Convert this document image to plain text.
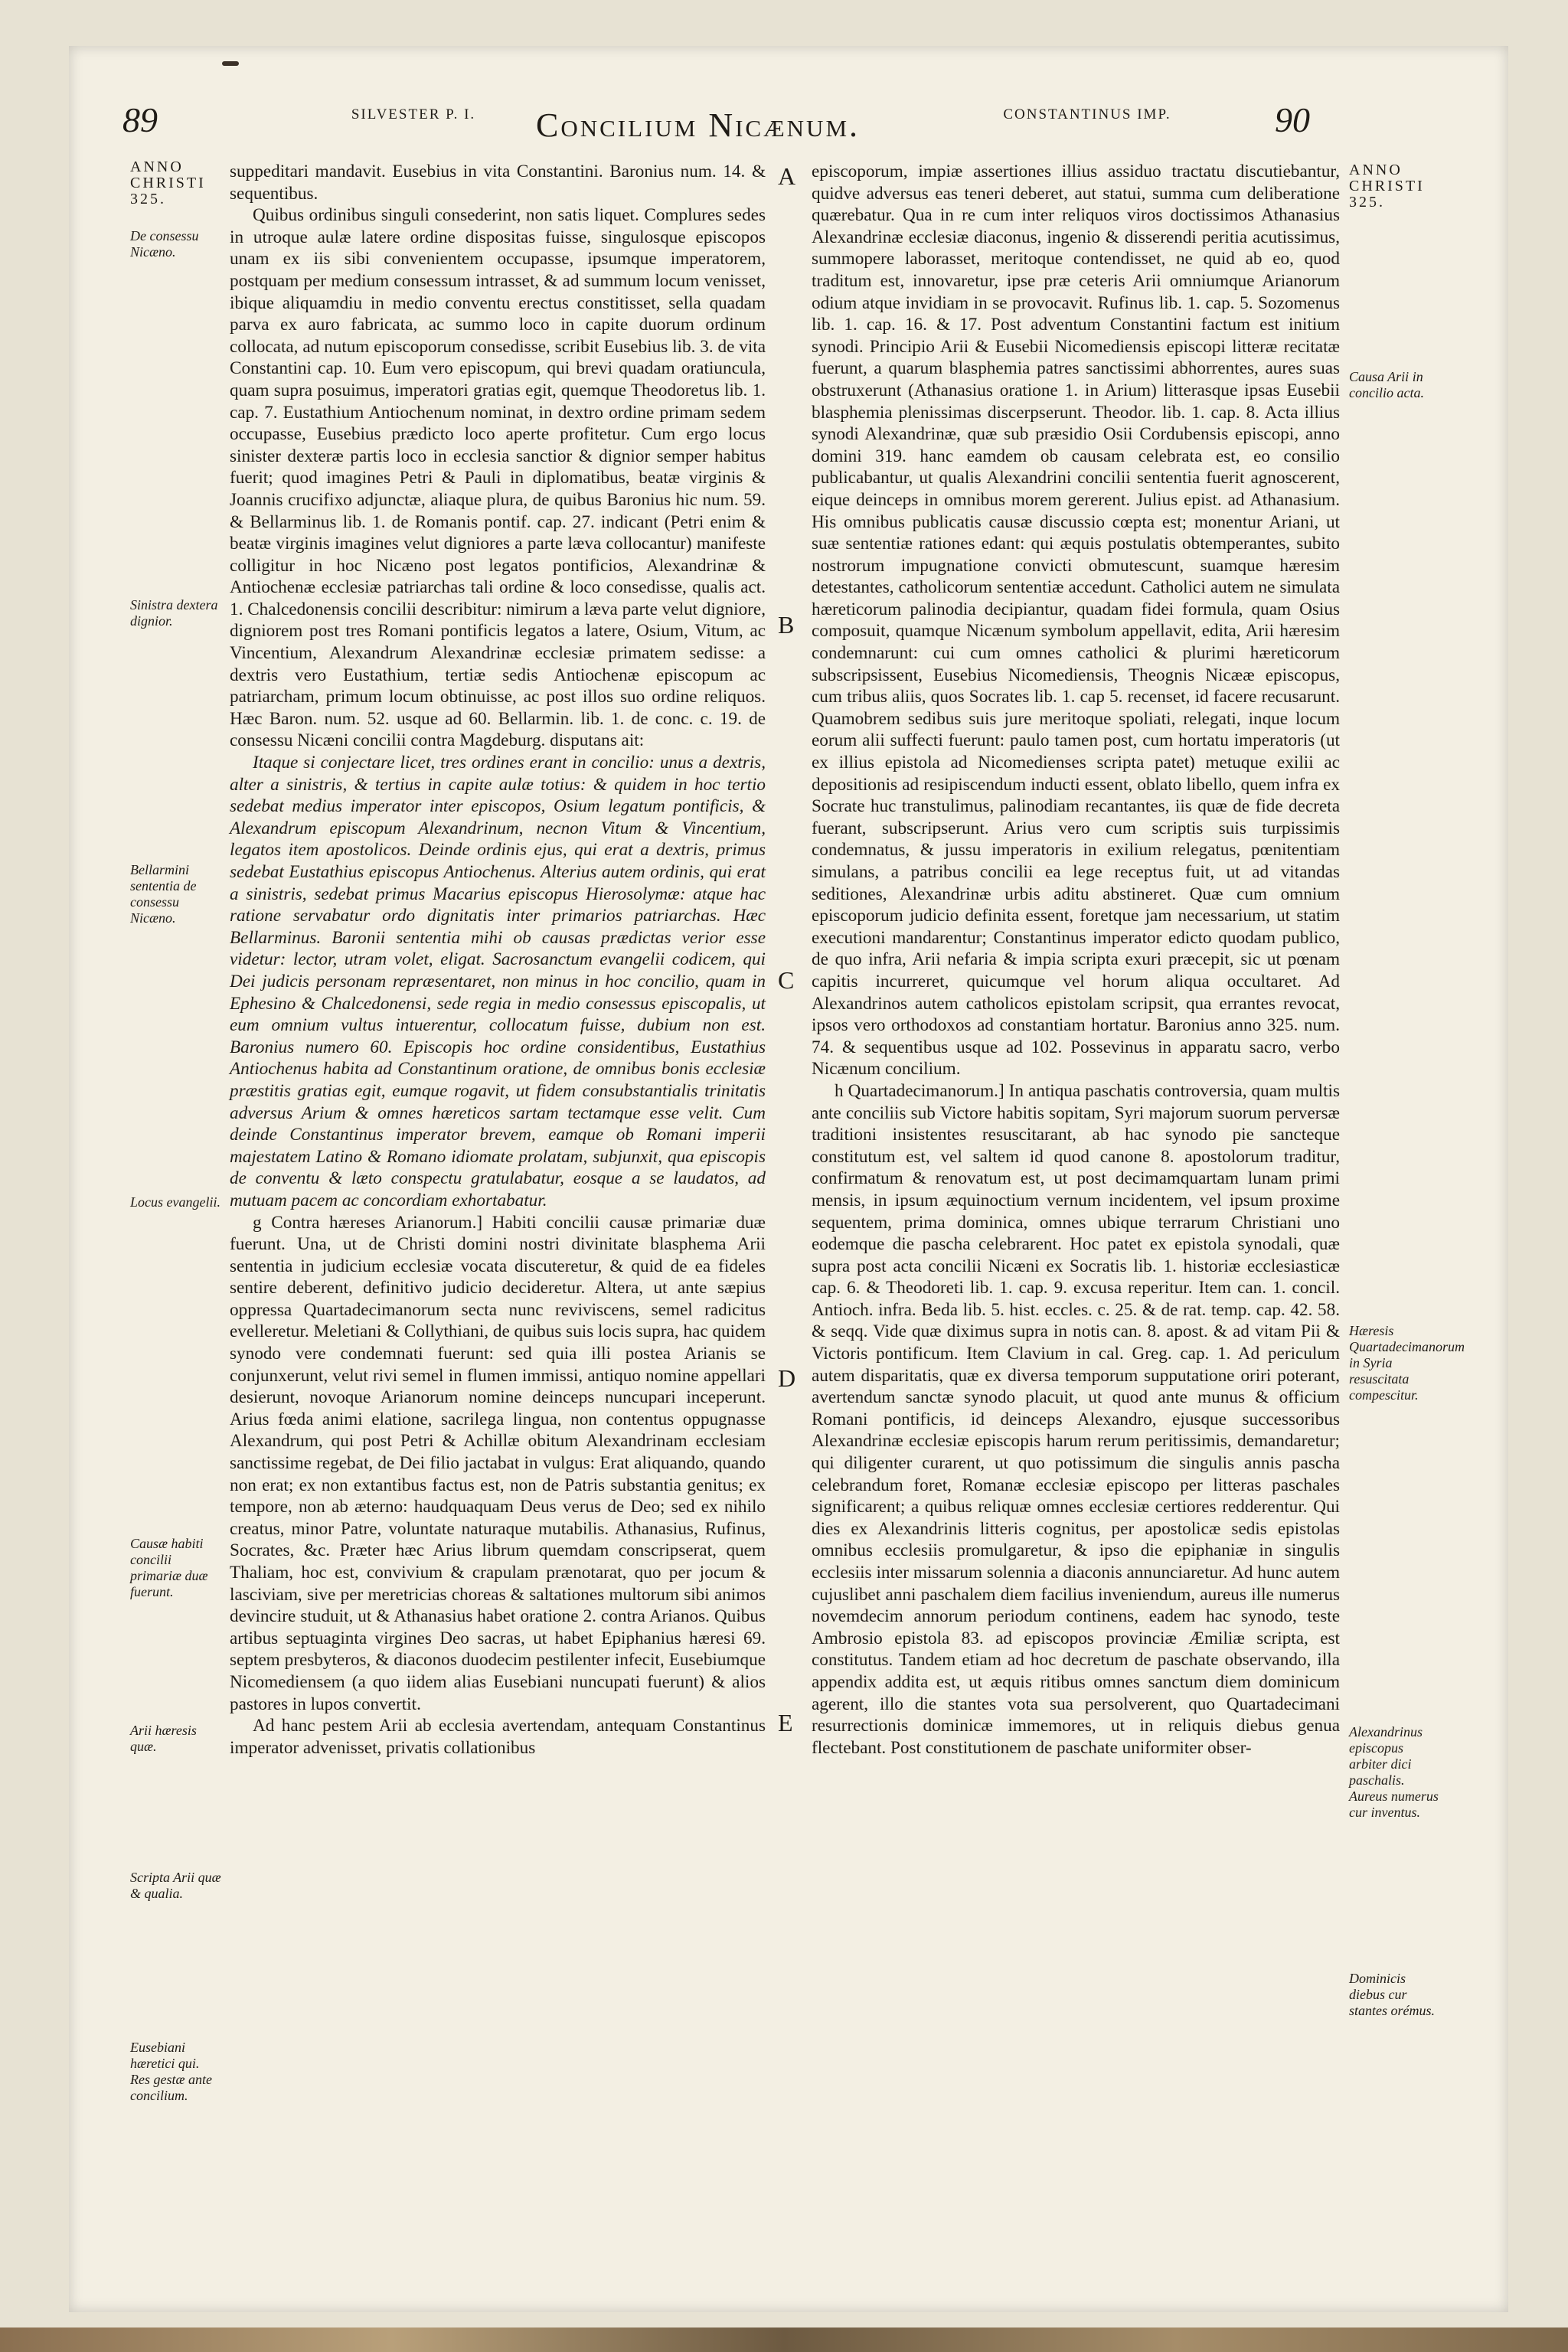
89	SILVESTER P. I.	Concilium Nicænum.	CONSTANTINUS IMP.	90
ANNO CHRISTI 325.
ANNO CHRISTI 325.
De consessu Nicæno.
Sinistra dextera dignior.
Bellarmini sententia de consessu Nicæno.
Locus evangelii.
Causæ habiti concilii primariæ duæ fuerunt.
Arii hæresis quæ.
Scripta Arii quæ & qualia.
Eusebiani hæretici qui. Res gestæ ante concilium.
Causa Arii in concilio acta.
Hæresis Quartadecimanorum in Syria resuscitata compescitur.
Alexandrinus episcopus arbiter dici paschalis. Aureus numerus cur inventus.
Dominicis diebus cur stantes orémus.
A
B
C
D
E

suppeditari mandavit. Eusebius in vita Constantini. Baronius num. 14. & sequentibus.

Quibus ordinibus singuli consederint, non satis liquet. Complures sedes in utroque aulæ latere ordine dispositas fuisse, singulosque episcopos unam ex iis sibi convenientem occupasse, ipsumque imperatorem, postquam per medium consessum intrasset, & ad summum locum venisset, ibique aliquamdiu in medio conventu erectus constitisset, sella quadam parva ex auro fabricata, ac summo loco in capite duorum ordinum collocata, ad nutum episcoporum consedisse, scribit Eusebius lib. 3. de vita Constantini cap. 10. Eum vero episcopum, qui brevi quadam oratiuncula, quam supra posuimus, imperatori gratias egit, quemque Theodoretus lib. 1. cap. 7. Eustathium Antiochenum nominat, in dextro ordine primam sedem occupasse, Eusebius prædicto loco aperte profitetur. Cum ergo locus sinister dexteræ partis loco in ecclesia sanctior & dignior semper habitus fuerit; quod imagines Petri & Pauli in diplomatibus, beatæ virginis & Joannis crucifixo adjunctæ, aliaque plura, de quibus Baronius hic num. 59. & Bellarminus lib. 1. de Romanis pontif. cap. 27. indicant (Petri enim & beatæ virginis imagines velut digniores a parte læva collocantur) manifeste colligitur in hoc Nicæno post legatos pontificios, Alexandrinæ & Antiochenæ ecclesiæ patriarchas tali ordine & loco consedisse, qualis act. 1. Chalcedonensis concilii describitur: nimirum a læva parte velut digniore, digniorem post tres Romani pontificis legatos a latere, Osium, Vitum, ac Vincentium, Alexandrum Alexandrinæ ecclesiæ primatem sedisse: a dextris vero Eustathium, tertiæ sedis Antiochenæ episcopum ac patriarcham, primum locum obtinuisse, ac post illos suo ordine reliquos. Hæc Baron. num. 52. usque ad 60. Bellarmin. lib. 1. de conc. c. 19. de consessu Nicæni concilii contra Magdeburg. disputans ait:

Itaque si conjectare licet, tres ordines erant in concilio: unus a dextris, alter a sinistris, & tertius in capite aulæ totius: & quidem in hoc tertio sedebat medius imperator inter episcopos, Osium legatum pontificis, & Alexandrum episcopum Alexandrinum, necnon Vitum & Vincentium, legatos item apostolicos. Deinde ordinis ejus, qui erat a dextris, primus sedebat Eustathius episcopus Antiochenus. Alterius autem ordinis, qui erat a sinistris, sedebat primus Macarius episcopus Hierosolymæ: atque hac ratione servabatur ordo dignitatis inter primarios patriarchas. Hæc Bellarminus. Baronii sententia mihi ob causas prædictas verior esse videtur: lector, utram volet, eligat. Sacrosanctum evangelii codicem, qui Dei judicis personam repræsentaret, non minus in hoc concilio, quam in Ephesino & Chalcedonensi, sede regia in medio consessus episcopalis, ut eum omnium vultus intuerentur, collocatum fuisse, dubium non est. Baronius numero 60. Episcopis hoc ordine considentibus, Eustathius Antiochenus habita ad Constantinum oratione, de omnibus bonis ecclesiæ præstitis gratias egit, eumque rogavit, ut fidem consubstantialis trinitatis adversus Arium & omnes hæreticos sartam tectamque esse velit. Cum deinde Constantinus imperator brevem, eamque ob Romani imperii majestatem Latino & Romano idiomate prolatam, subjunxit, qua episcopis de conventu & læto conspectu gratulabatur, eosque a se laudatos, ad mutuam pacem ac concordiam exhortabatur.

g Contra hæreses Arianorum.] Habiti concilii causæ primariæ duæ fuerunt. Una, ut de Christi domini nostri divinitate blasphema Arii sententia in judicium ecclesiæ vocata discuteretur, & quid de ea fideles sentire deberent, definitivo judicio decideretur. Altera, ut ante sæpius oppressa Quartadecimanorum secta nunc reviviscens, semel radicitus evelleretur. Meletiani & Collythiani, de quibus suis locis supra, hac quidem synodo vere condemnati fuerunt: sed quia illi postea Arianis se conjunxerunt, velut rivi semel in flumen immissi, antiquo nomine appellari desierunt, novoque Arianorum nomine deinceps nuncupari inceperunt. Arius fœda animi elatione, sacrilega lingua, non contentus oppugnasse Alexandrum, qui post Petri & Achillæ obitum Alexandrinam ecclesiam sanctissime regebat, de Dei filio jactabat in vulgus: Erat aliquando, quando non erat; ex non extantibus factus est, non de Patris substantia genitus; ex tempore, non ab æterno: haudquaquam Deus verus de Deo; sed ex nihilo creatus, minor Patre, voluntate naturaque mutabilis. Athanasius, Rufinus, Socrates, &c. Præter hæc Arius librum quemdam conscripserat, quem Thaliam, hoc est, convivium & crapulam prænotarat, quo per jocum & lasciviam, sive per meretricias choreas & saltationes multorum sibi animos devincire studuit, ut & Athanasius habet oratione 2. contra Arianos. Quibus artibus septuaginta virgines Deo sacras, ut habet Epiphanius hæresi 69. septem presbyteros, & diaconos duodecim pestilenter infecit, Eusebiumque Nicomediensem (a quo iidem alias Eusebiani nuncupati fuerunt) & alios pastores in lupos convertit.

Ad hanc pestem Arii ab ecclesia avertendam, antequam Constantinus imperator advenisset, privatis collationibus

episcoporum, impiæ assertiones illius assiduo tractatu discutiebantur, quidve adversus eas teneri deberet, aut statui, summa cum deliberatione quærebatur. Qua in re cum inter reliquos viros doctissimos Athanasius Alexandrinæ ecclesiæ diaconus, ingenio & disserendi peritia acutissimus, summopere laborasset, meritoque contendisset, ne quid ab eo, quod traditum est, innovaretur, ipse præ ceteris Arii omniumque Arianorum odium atque invidiam in se provocavit. Rufinus lib. 1. cap. 5. Sozomenus lib. 1. cap. 16. & 17. Post adventum Constantini factum est initium synodi. Principio Arii & Eusebii Nicomediensis episcopi litteræ recitatæ fuerunt, a quarum blasphemia patres sanctissimi abhorrentes, aures suas obstruxerunt (Athanasius oratione 1. in Arium) litterasque ipsas Eusebii blasphemia plenissimas discerpserunt. Theodor. lib. 1. cap. 8. Acta illius synodi Alexandrinæ, quæ sub præsidio Osii Cordubensis episcopi, anno domini 319. hanc eamdem ob causam celebrata est, eo consilio publicabantur, ut qualis Alexandrini concilii sententia fuerit agnoscerent, eique deinceps in omnibus morem gererent. Julius epist. ad Athanasium. His omnibus publicatis causæ discussio cœpta est; monentur Ariani, ut suæ sententiæ rationes edant: qui æquis postulatis obtemperantes, subito nostrorum impugnatione convicti obmutescunt, suamque hæresim detestantes, catholicorum sententiæ accedunt. Catholici autem ne simulata hæreticorum palinodia decipiantur, quadam fidei formula, quam Osius composuit, quamque Nicænum symbolum appellavit, edita, Arii hæresim condemnarunt: cui cum omnes catholici & plurimi hæreticorum subscripsissent, Eusebius Nicomediensis, Theognis Nicææ episcopus, cum tribus aliis, quos Socrates lib. 1. cap 5. recenset, id facere recusarunt. Quamobrem sedibus suis jure meritoque spoliati, relegati, inque locum eorum alii suffecti fuerunt: paulo tamen post, cum hortatu imperatoris (ut ex illius epistola ad Nicomedienses scripta patet) metuque exilii ac depositionis ad resipiscendum inducti essent, oblato libello, quem infra ex Socrate huc transtulimus, palinodiam recantantes, iis quæ de fide decreta fuerant, subscripserunt. Arius vero cum scriptis suis turpissimis condemnatus, & jussu imperatoris in exilium relegatus, pœnitentiam simulans, a patribus concilii ea lege receptus fuit, ut ad vitandas seditiones, Alexandrinæ urbis aditu abstineret. Quæ cum omnium episcoporum judicio definita essent, foretque jam necessarium, ut statim executioni mandarentur; Constantinus imperator edicto quodam publico, de quo infra, Arii nefaria & impia scripta exuri præcepit, sic ut pœnam capitis incurreret, quicumque vel horum aliqua occultaret. Ad Alexandrinos autem catholicos epistolam scripsit, qua errantes revocat, ipsos vero orthodoxos ad constantiam hortatur. Baronius anno 325. num. 74. & sequentibus usque ad 102. Possevinus in apparatu sacro, verbo Nicænum concilium.

h Quartadecimanorum.] In antiqua paschatis controversia, quam multis ante conciliis sub Victore habitis sopitam, Syri majorum suorum perversæ traditioni insistentes resuscitarant, ab hac synodo pie sancteque constitutum est, vel saltem id quod canone 8. apostolorum traditur, confirmatum & renovatum est, ut post decimamquartam lunam primi mensis, in ipsum æquinoctium vernum incidentem, vel ipsum proxime sequentem, prima dominica, omnes ubique terrarum Christiani uno eodemque die pascha celebrarent. Hoc patet ex epistola synodali, quæ supra post acta concilii Nicæni ex Socratis lib. 1. historiæ ecclesiasticæ cap. 6. & Theodoreti lib. 1. cap. 9. excusa reperitur. Item can. 1. concil. Antioch. infra. Beda lib. 5. hist. eccles. c. 25. & de rat. temp. cap. 42. 58. & seqq. Vide quæ diximus supra in notis can. 8. apost. & ad vitam Pii & Victoris pontificum. Item Clavium in cal. Greg. cap. 1. Ad periculum autem disparitatis, quæ ex diversa temporum supputatione oriri poterant, avertendum sanctæ synodo placuit, ut quod ante munus & officium Romani pontificis, id deinceps Alexandro, ejusque successoribus Alexandrinæ ecclesiæ episcopis harum rerum peritissimis, demandaretur; qui diligenter curarent, ut quo potissimum die singulis annis pascha celebrandum foret, Romanæ ecclesiæ episcopo per litteras paschales significarent; a quibus reliquæ omnes ecclesiæ certiores redderentur. Qui dies ex Alexandrinis litteris cognitus, per apostolicæ sedis epistolas omnibus ecclesiis promulgaretur, & ipso die epiphaniæ in singulis ecclesiis inter missarum solennia a diaconis annunciaretur. Ad hunc autem cujuslibet anni paschalem diem facilius inveniendum, aureus ille numerus novemdecim annorum periodum continens, eadem hac synodo, teste Ambrosio epistola 83. ad episcopos provinciæ Æmiliæ scripta, est constitutus. Tandem etiam ad hoc decretum de paschate observando, illa appendix addita est, ut æquis ritibus omnes sanctum diem dominicum agerent, illo die stantes vota sua persolverent, quo Quartadecimani resurrectionis dominicæ immemores, ut in reliquis diebus genua flectebant. Post constitutionem de paschate uniformiter obser-
